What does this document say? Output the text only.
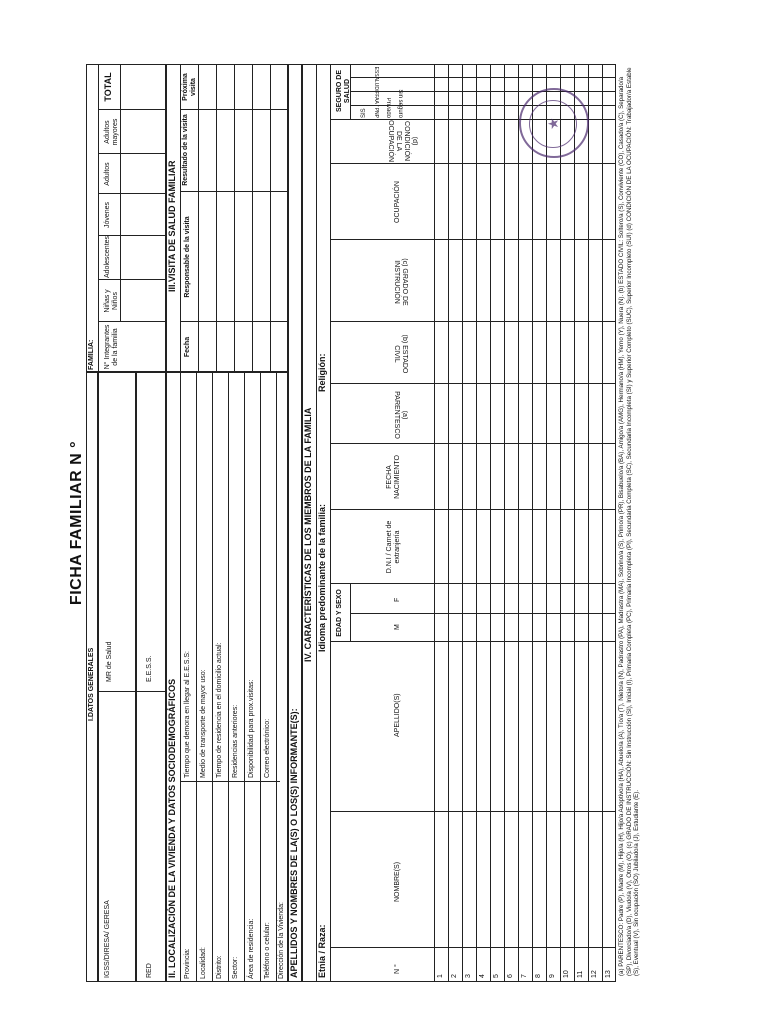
FICHA FAMILIAR N °
I.DATOS GENERALES
IGSS/DIRESA/ GERESA
MR de Salud
RED
E.E.S.S.
FAMILIA: N° Integrantes de la familia
Niñas y Niños
Adolescentes
Jóvenes
Adultos
Adultos mayores
TOTAL
II. LOCALIZACIÓN DE LA VIVIENDA Y DATOS SOCIODEMOGRÁFICOS Provincia: Localidad: Distrito: Sector: Área de residencia: Teléfono o celular: Dirección de la Vivienda:
Tiempo que demora en llegar al E.E.S.S: Medio de transporte de mayor uso: Tiempo de residencia en el domicilio actual: Residencias anteriores: Disponibilidad para prox.visitas: Correo electrónico:
III.VISITA DE SALUD FAMILIAR
Fecha
Responsable de la visita
Resultado de la visita
Próxima visita
APELLIDOS Y NOMBRES DE LA(S) O LOS(S) INFORMANTE(S):
IV. CARACTERÍSTICAS DE LOS MIEMBROS DE LA FAMILIA
Etnia / Raza:
Idioma predominante de la familia:
Religión:
N °
NOMBRE(S)
APELLIDO(S)
EDAD Y SEXO	M
F
D.N.I / Carnet de extranjería
FECHA NACIMIENTO
(a) PARENTESCO
(b) ESTADO CIVIL
(c) GRADO DE INSTRUCIÓN
OCUPACIÓN
(d) CONDICIÓN DE LA OCUPACIÓN
SEGURO DE SALUD
SIS ESSALUD/FFAA / PNP Privado Sin seguro
1 2 3 4 5 6 7 8 9 10 11 12 13
★	(a) PARENTESCO: Padre (P), Madre (M), Hijo/a (H), Hijo/a Adoptivo/a (HA), Abuelo/a (A), Tío/a (T), Nieto/a (N), Padrastro (PA), Madrastra (MA), Sobrino/a (S), Primo/a (PR), Bisabuelo/a (BA), Amigo/a (AMG), Hermano/a (HM), Yerno (Y), Nuera (N). (b) ESTADO CIVIL: Soltero/a (S), Conviviente (CO), Casado/a (C), Separado/a (SP), Divorciado/a (D), Viudo/a (V), Otros (O). (c) GRADO DE INSTRUCCIÓN: Sin Instrucción (SI), Inicial (I), Primaria Completa (PC), Primaria Incompleta (PI), Secundaria Completa (SC), Secundaria Incompleta (SI) y Superior Completo (SUC), Superior Incompleto (SUI) (d) CONDICIÓN DE LA OCUPACIÓN: Trabajador/a Estable (S), Eventual (V), Sin ocupación (SO) Jubilado/a (J), Estudiante (E).
